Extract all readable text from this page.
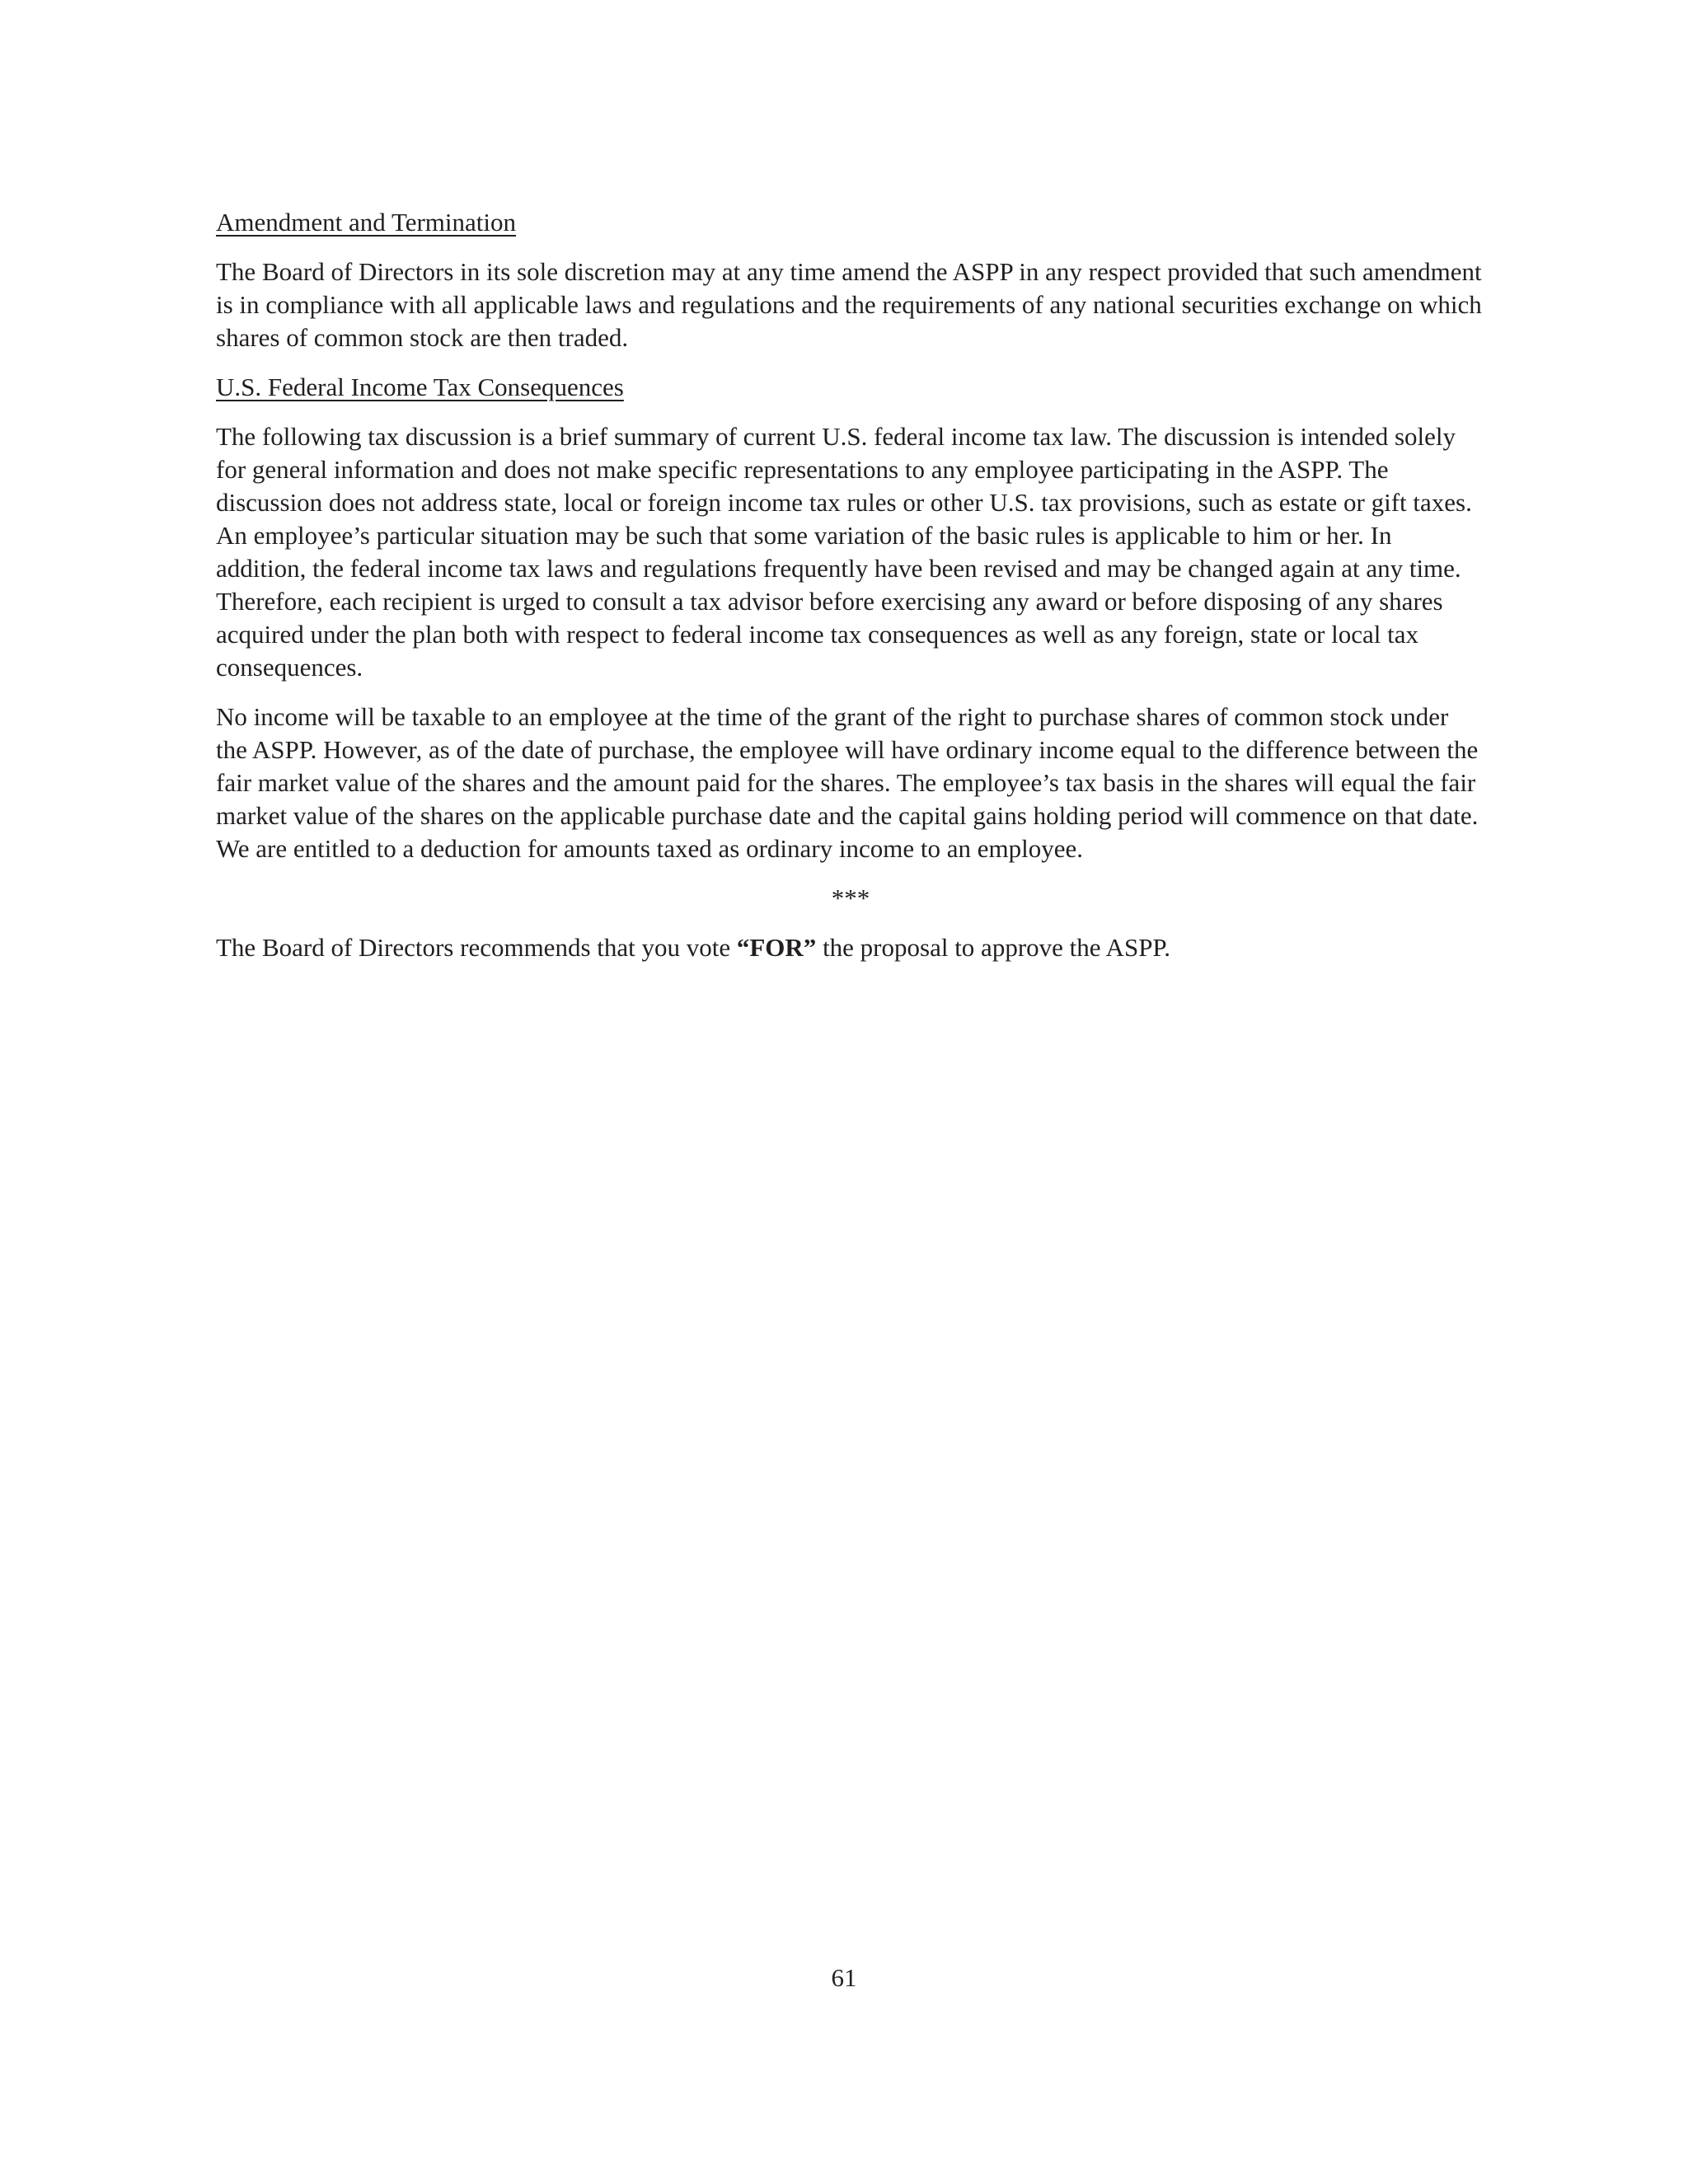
Amendment and Termination

The Board of Directors in its sole discretion may at any time amend the ASPP in any respect provided that such amendment is in compliance with all applicable laws and regulations and the requirements of any national securities exchange on which shares of common stock are then traded.

U.S. Federal Income Tax Consequences

The following tax discussion is a brief summary of current U.S. federal income tax law. The discussion is intended solely for general information and does not make specific representations to any employee participating in the ASPP. The discussion does not address state, local or foreign income tax rules or other U.S. tax provisions, such as estate or gift taxes. An employee’s particular situation may be such that some variation of the basic rules is applicable to him or her. In addition, the federal income tax laws and regulations frequently have been revised and may be changed again at any time. Therefore, each recipient is urged to consult a tax advisor before exercising any award or before disposing of any shares acquired under the plan both with respect to federal income tax consequences as well as any foreign, state or local tax consequences.

No income will be taxable to an employee at the time of the grant of the right to purchase shares of common stock under the ASPP. However, as of the date of purchase, the employee will have ordinary income equal to the difference between the fair market value of the shares and the amount paid for the shares. The employee’s tax basis in the shares will equal the fair market value of the shares on the applicable purchase date and the capital gains holding period will commence on that date. We are entitled to a deduction for amounts taxed as ordinary income to an employee.

***

The Board of Directors recommends that you vote “FOR” the proposal to approve the ASPP.

61
